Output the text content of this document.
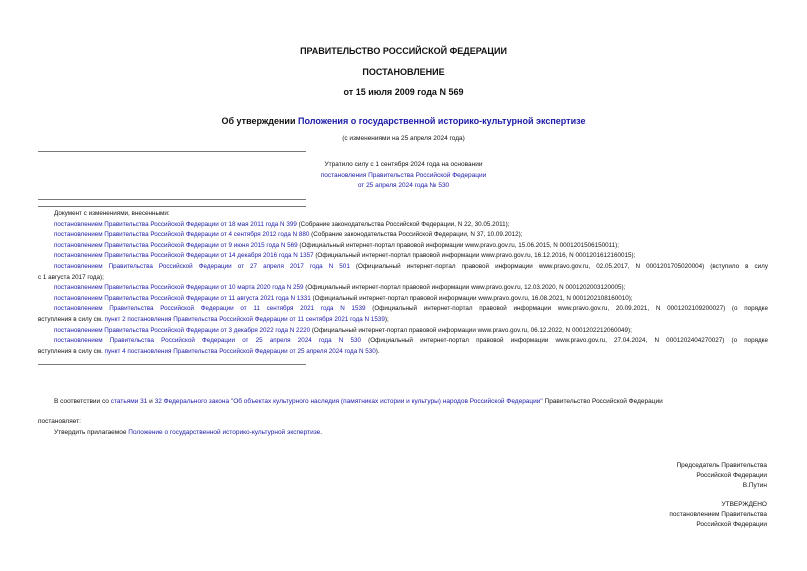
ПРАВИТЕЛЬСТВО РОССИЙСКОЙ ФЕДЕРАЦИИ
ПОСТАНОВЛЕНИЕ
от 15 июля 2009 года N 569
Об утверждении Положения о государственной историко-культурной экспертизе
(с изменениями на 25 апреля 2024 года)
Утратило силу с 1 сентября 2024 года на основании
постановления Правительства Российской Федерации
от 25 апреля 2024 года № 530
Документ с изменениями, внесенными:
постановлением Правительства Российской Федерации от 18 мая 2011 года N 399 (Собрание законодательства Российской Федерации, N 22, 30.05.2011);
постановлением Правительства Российской Федерации от 4 сентября 2012 года N 880 (Собрание законодательства Российской Федерации, N 37, 10.09.2012);
постановлением Правительства Российской Федерации от 9 июня 2015 года N 569 (Официальный интернет-портал правовой информации www.pravo.gov.ru, 15.06.2015, N 0001201506150011);
постановлением Правительства Российской Федерации от 14 декабря 2016 года N 1357 (Официальный интернет-портал правовой информации www.pravo.gov.ru, 16.12.2016, N 0001201612160015);
постановлением Правительства Российской Федерации от 27 апреля 2017 года N 501 (Официальный интернет-портал правовой информации www.pravo.gov.ru, 02.05.2017, N 0001201705020004) (вступило в силу
с 1 августа 2017 года);
постановлением Правительства Российской Федерации от 10 марта 2020 года N 259 (Официальный интернет-портал правовой информации www.pravo.gov.ru, 12.03.2020, N 0001202003120005);
постановлением Правительства Российской Федерации от 11 августа 2021 года N 1331 (Официальный интернет-портал правовой информации www.pravo.gov.ru, 16.08.2021, N 0001202108160010);
постановлением Правительства Российской Федерации от 11 сентября 2021 года N 1539 (Официальный интернет-портал правовой информации www.pravo.gov.ru, 20.09.2021, N 0001202109200027) (о порядке
вступления в силу см. пункт 2 постановления Правительства Российской Федерации от 11 сентября 2021 года N 1539);
постановлением Правительства Российской Федерации от 3 декабря 2022 года N 2220 (Официальный интернет-портал правовой информации www.pravo.gov.ru, 06.12.2022, N 0001202212060049);
постановлением Правительства Российской Федерации от 25 апреля 2024 года N 530 (Официальный интернет-портал правовой информации www.pravo.gov.ru, 27.04.2024, N 0001202404270027) (о порядке
вступления в силу см. пункт 4 постановления Правительства Российской Федерации от 25 апреля 2024 года N 530).
В соответствии со статьями 31 и 32 Федерального закона "Об объектах культурного наследия (памятниках истории и культуры) народов Российской Федерации" Правительство Российской Федерации
постановляет:
Утвердить прилагаемое Положение о государственной историко-культурной экспертизе.
Председатель Правительства
Российской Федерации
В.Путин
УТВЕРЖДЕНО
постановлением Правительства
Российской Федерации
